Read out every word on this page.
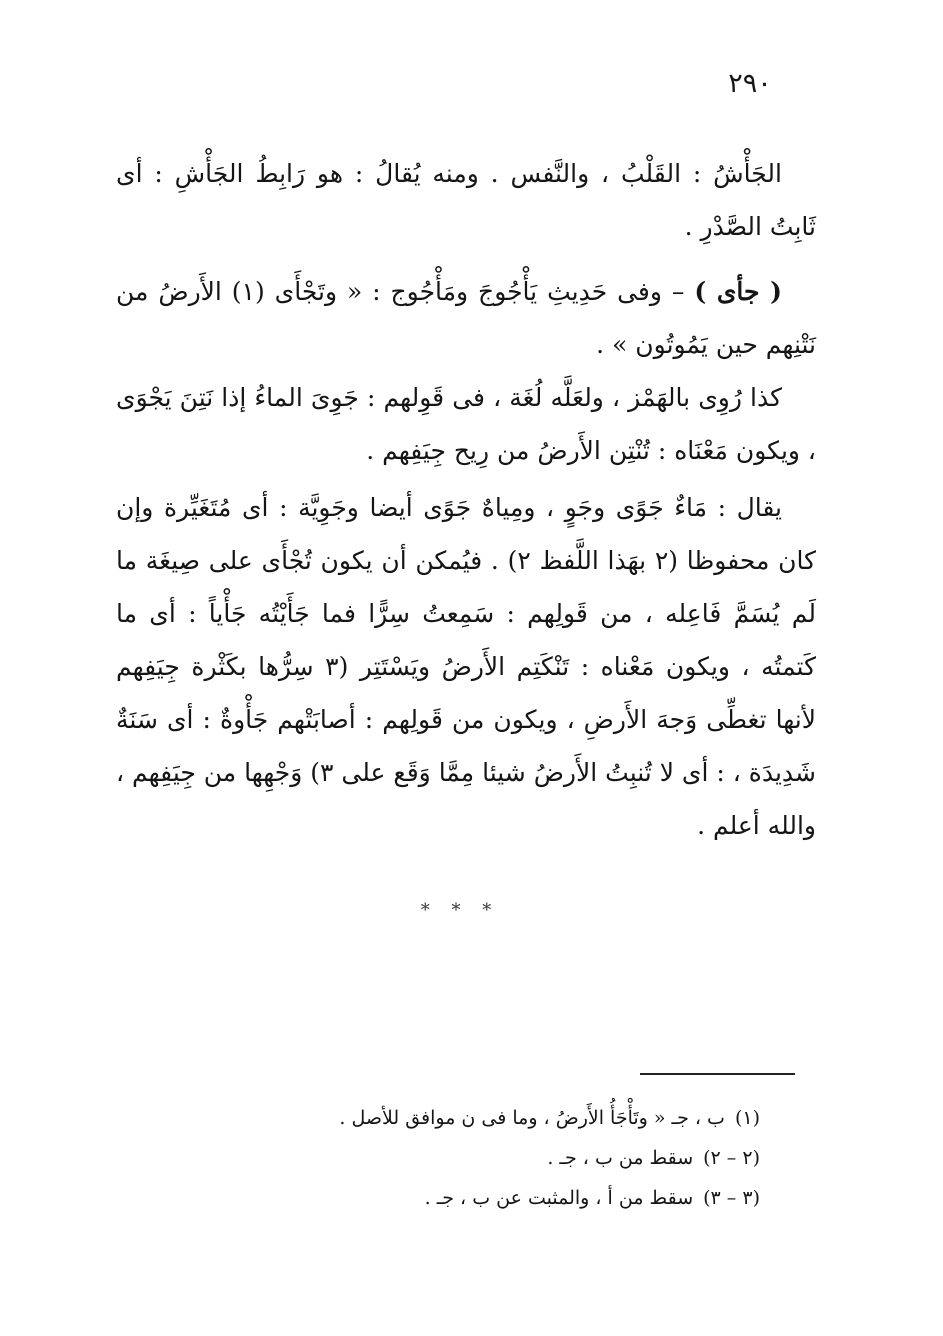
٢٩٠
الجَأْشُ : القَلْبُ ، والنَّفس . ومنه يُقالُ : هو رَابِطُ الجَأْشِ : أى ثَابِتُ الصَّدْرِ .
( جأى ) – وفى حَدِيثِ يَأْجُوجَ ومَأْجُوج : « وتَجْأَى (١) الأَرضُ من نَتْنِهم حين يَمُوتُون » .
كذا رُوِى بالهَمْز ، ولعَلَّه لُغَة ، فى قَوِلهم : جَوِىَ الماءُ إذا نَتِنَ يَجْوَى ، ويكون مَعْنَاه : تُنْتِن الأَرضُ من رِيح جِيَفِهم .
يقال : مَاءٌ جَوًى وجَوٍ ، ومِياهٌ جَوًى أيضا وجَوِيَّة : أى مُتَغَيِّرة وإن كان محفوظا (٢ بهَذا اللَّفظ ٢) . فيُمكن أن يكون تُجْأَى على صِيغَة ما لَم يُسَمَّ فَاعِله ، من قَولِهم : سَمِعتُ سِرًّا فما جَأَيْتُه جَأْياً : أى ما كَتمتُه ، ويكون مَعْناه : تَنْكَتِم الأَرضُ ويَسْتَتِر (٣ سِرُّها بكَثْرة جِيَفِهم لأنها تغطِّى وَجهَ الأَرضِ ، ويكون من قَولِهم : أصابَتْهم جَأْوةٌ : أى سَنَةٌ شَدِيدَة ، : أى لا تُنبِتُ الأَرضُ شيئا مِمَّا وَقَع على ٣) وَجْهِها من جِيَفِهم ، والله أعلم .
* * *
(١)ب ، جـ « وتَأْجَأُ الأَرضُ ، وما فى ن موافق للأصل .
(٢ – ٢)سقط من ب ، جـ .
(٣ – ٣)سقط من أ ، والمثبت عن ب ، جـ .
